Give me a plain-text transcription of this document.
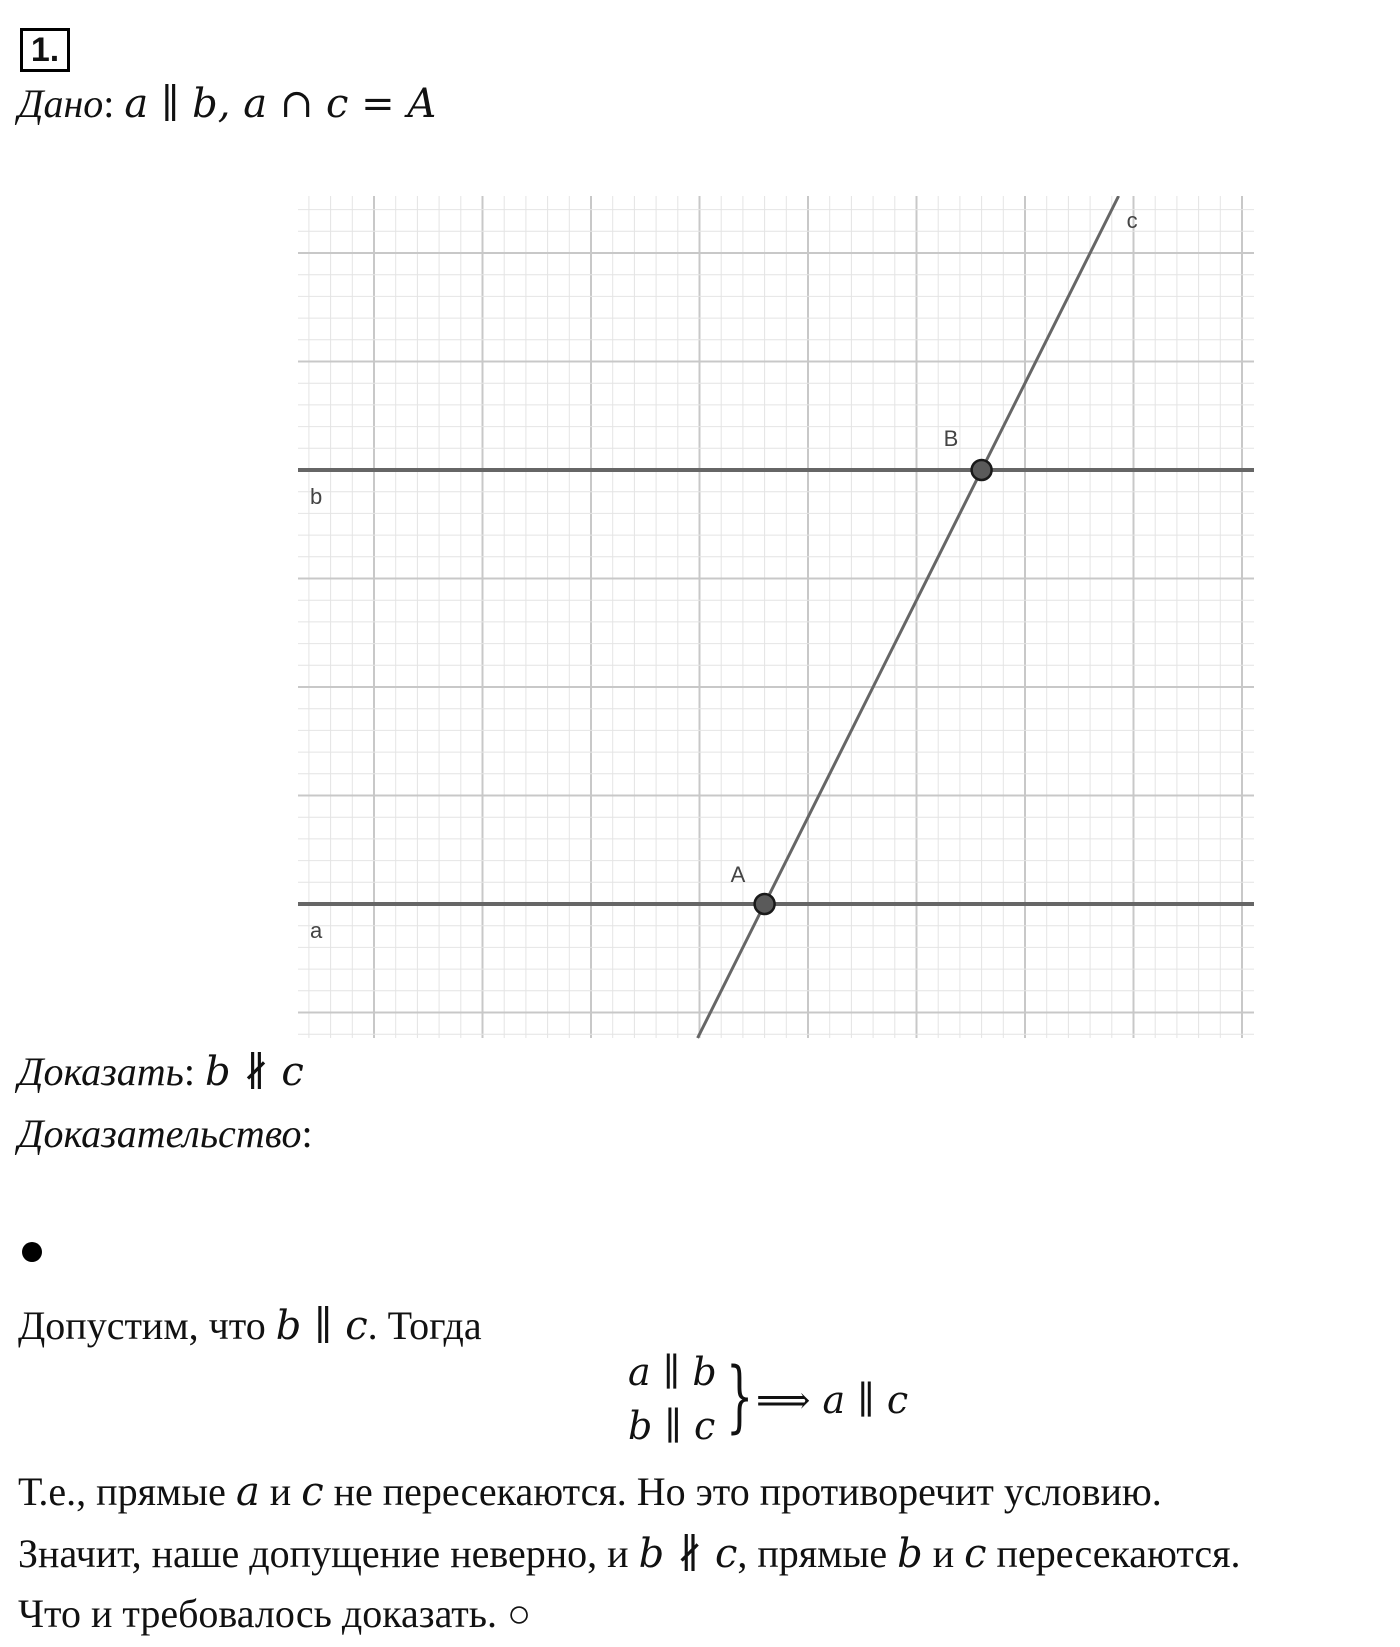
1.
Дано: a ∥ b, a ∩ c = A
A
B
b
a
c
Доказать: b ∦ c
Доказательство:
Допустим, что b ∥ c. Тогда
a ∥ b
b ∥ c } ⟹ a ∥ c
Т.е., прямые a и c не пересекаются. Но это противоречит условию.
Значит, наше допущение неверно, и b ∦ c, прямые b и c пересекаются.
Что и требовалось доказать. ○
